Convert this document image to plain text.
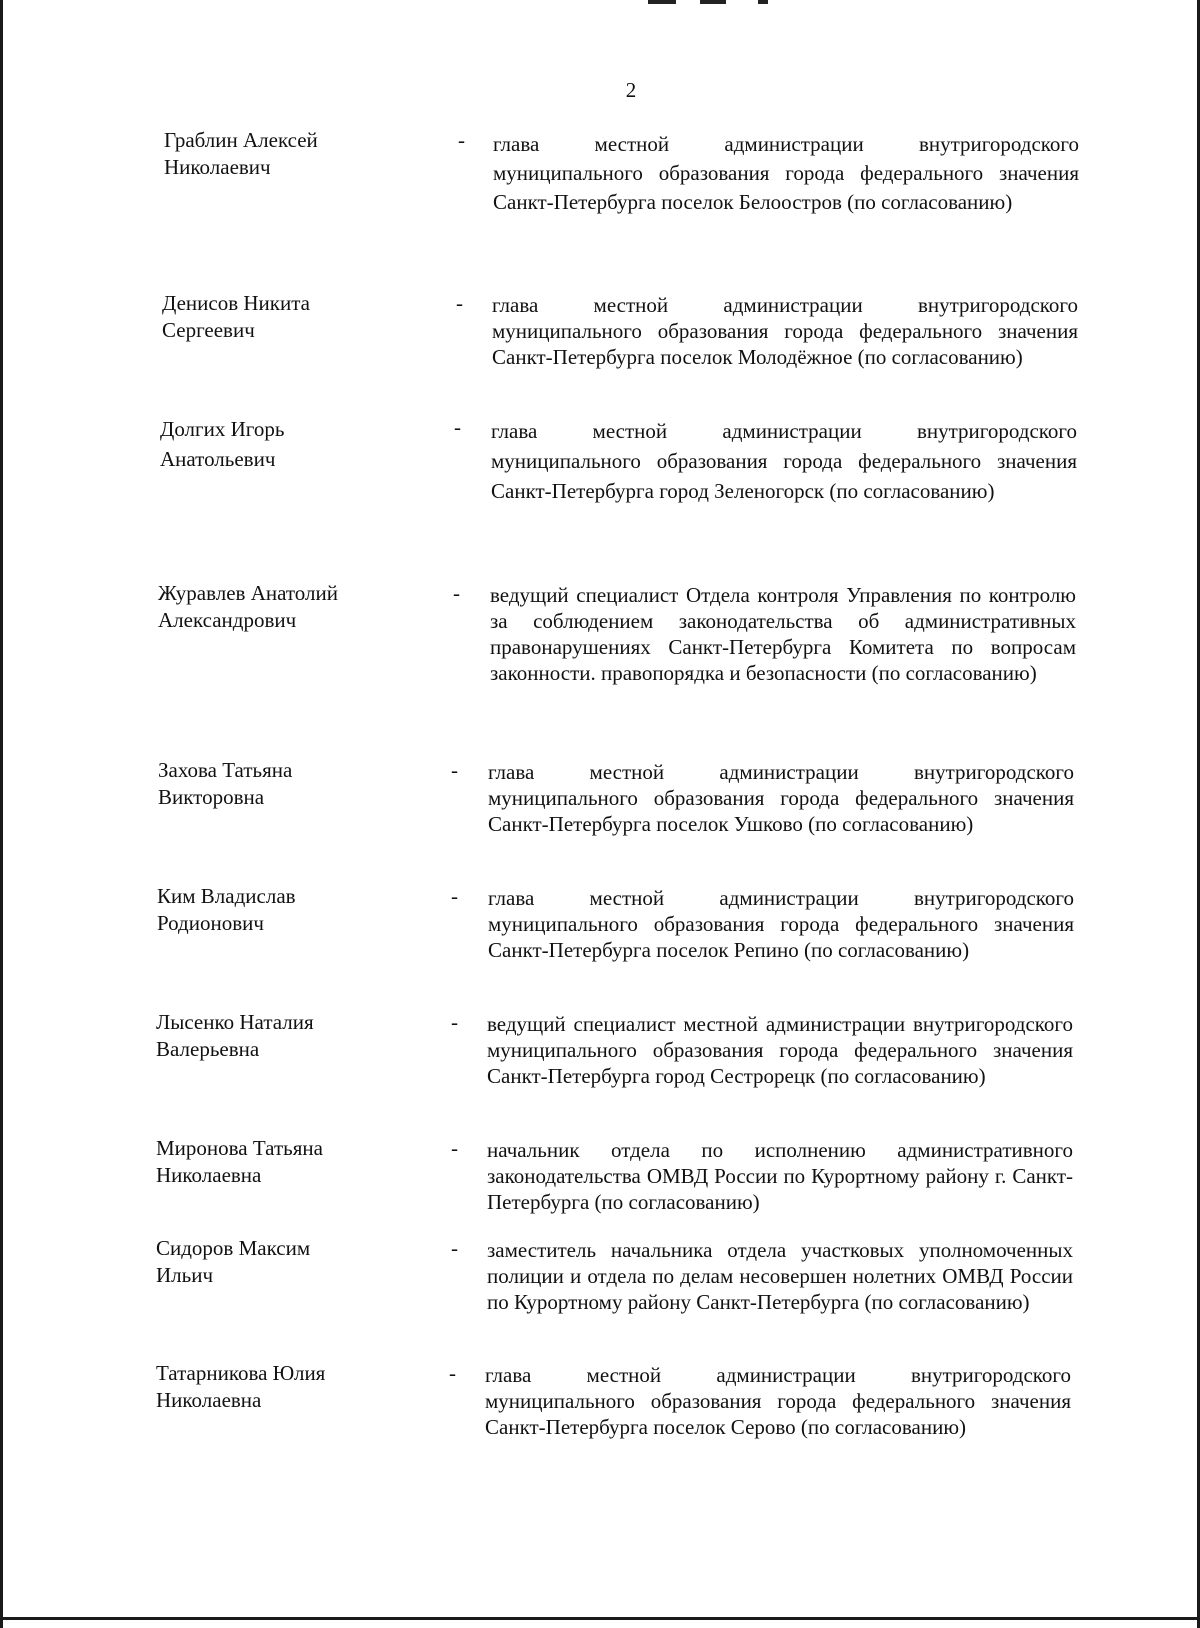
2
Граблин Алексей
Николаевич
- глава местной администрации внутригородского муниципального образования города федерального значения Санкт-Петербурга поселок Белоостров (по согласованию)
Денисов Никита
Сергеевич
- глава местной администрации внутригородского муниципального образования города федерального значения Санкт-Петербурга поселок Молодёжное (по согласованию)
Долгих Игорь
Анатольевич
- глава местной администрации внутригородского муниципального образования города федерального значения Санкт-Петербурга город Зеленогорск (по согласованию)
Журавлев Анатолий
Александрович
- ведущий специалист Отдела контроля Управления по контролю за соблюдением законодательства об административных правонарушениях Санкт-Петербурга Комитета по вопросам законности. правопорядка и безопасности (по согласованию)
Захова Татьяна
Викторовна
- глава местной администрации внутригородского муниципального образования города федерального значения Санкт-Петербурга поселок Ушково (по согласованию)
Ким Владислав
Родионович
- глава местной администрации внутригородского муниципального образования города федерального значения Санкт-Петербурга поселок Репино (по согласованию)
Лысенко Наталия
Валерьевна
- ведущий специалист местной администрации внутригородского муниципального образования города федерального значения Санкт-Петербурга город Сестрорецк (по согласованию)
Миронова Татьяна
Николаевна
- начальник отдела по исполнению административного законодательства ОМВД России по Курортному району г. Санкт-Петербурга (по согласованию)
Сидоров Максим
Ильич
- заместитель начальника отдела участковых уполномоченных полиции и отдела по делам несовершен нолетних ОМВД России по Курортному району Санкт-Петербурга (по согласованию)
Татарникова Юлия
Николаевна
- глава местной администрации внутригородского муниципального образования города федерального значения Санкт-Петербурга поселок Серово (по согласованию)
